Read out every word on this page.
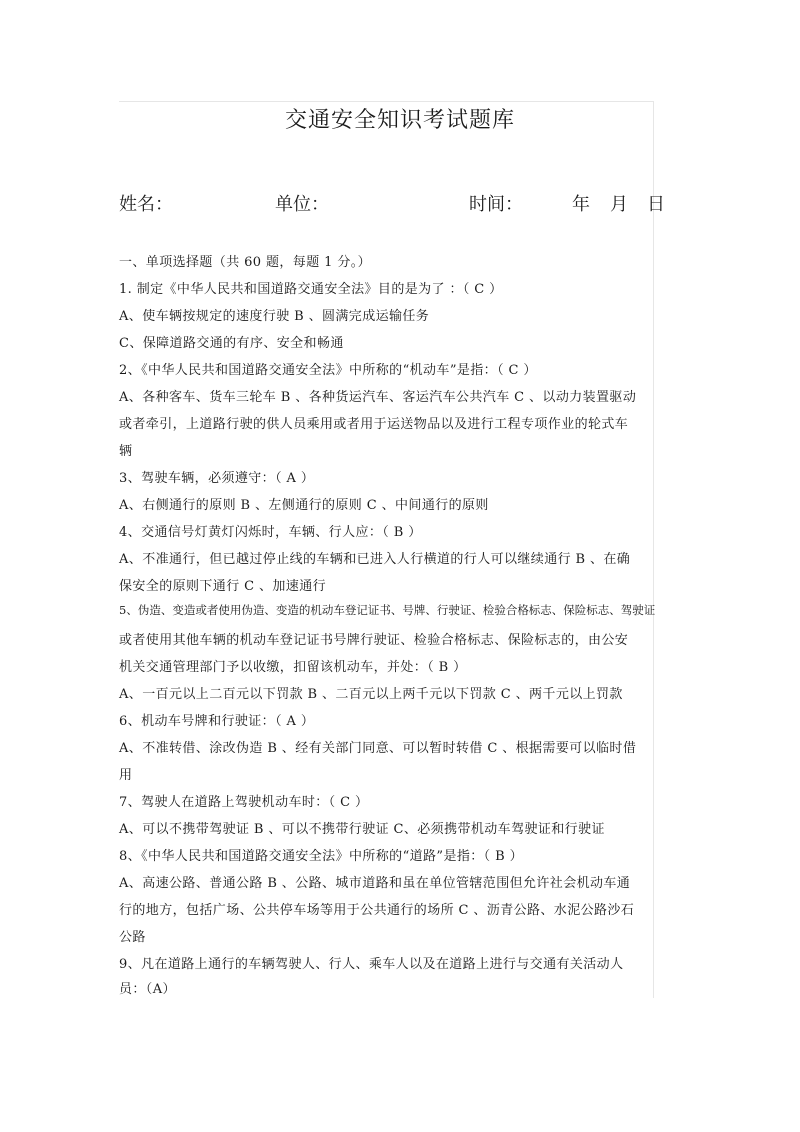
交通安全知识考试题库
姓名：	单位：	时间：	年 月 日
一、单项选择题（共 60 题，每题 1 分。）
1. 制定《中华人民共和国道路交通安全法》目的是为了 ：（ C ）
A、使车辆按规定的速度行驶 B 、圆满完成运输任务
C、保障道路交通的有序、安全和畅通
2、《中华人民共和国道路交通安全法》中所称的“机动车”是指：（ C ）
A、各种客车、货车三轮车 B 、各种货运汽车、客运汽车公共汽车 C 、以动力装置驱动
或者牵引，上道路行驶的供人员乘用或者用于运送物品以及进行工程专项作业的轮式车
辆
3、驾驶车辆，必须遵守：（ A ）
A、右侧通行的原则 B 、左侧通行的原则 C 、中间通行的原则
4、交通信号灯黄灯闪烁时，车辆、行人应：（ B ）
A、不准通行，但已越过停止线的车辆和已进入人行横道的行人可以继续通行 B 、在确
保安全的原则下通行 C 、加速通行
5、伪造、变造或者使用伪造、变造的机动车登记证书、号牌、行驶证、检验合格标志、保险标志、驾驶证
或者使用其他车辆的机动车登记证书号牌行驶证、检验合格标志、保险标志的，由公安
机关交通管理部门予以收缴，扣留该机动车，并处：（ B ）
A、一百元以上二百元以下罚款 B 、二百元以上两千元以下罚款 C 、两千元以上罚款
6、机动车号牌和行驶证：（ A ）
A、不准转借、涂改伪造 B 、经有关部门同意、可以暂时转借 C 、根据需要可以临时借
用
7、驾驶人在道路上驾驶机动车时：（ C ）
A、可以不携带驾驶证 B 、可以不携带行驶证 C、必须携带机动车驾驶证和行驶证
8、《中华人民共和国道路交通安全法》中所称的“道路”是指：（ B ）
A、高速公路、普通公路 B 、公路、城市道路和虽在单位管辖范围但允许社会机动车通
行的地方，包括广场、公共停车场等用于公共通行的场所 C 、沥青公路、水泥公路沙石
公路
9、凡在道路上通行的车辆驾驶人、行人、乘车人以及在道路上进行与交通有关活动人
员：（A）
